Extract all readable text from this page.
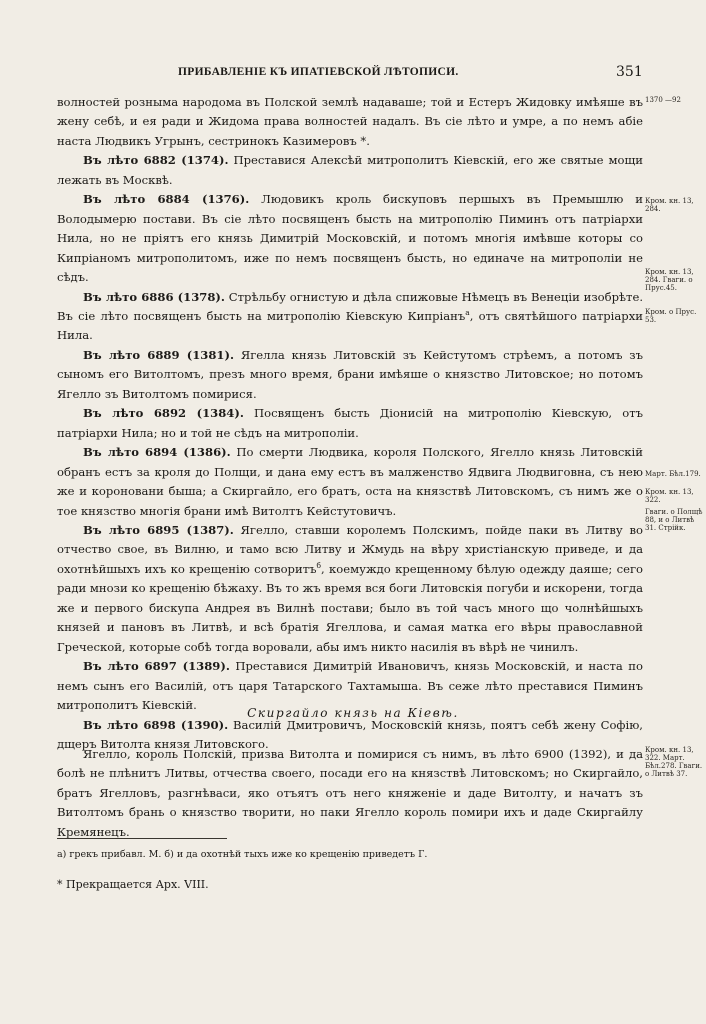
ПРИБАВЛЕНІЕ КЪ ИПАТІЕВСКОЙ ЛѢТОПИСИ.	351

волностей розныма народома въ Полской землѣ надаваше; той и Естеръ Жидовку имѣяше въ жену себѣ, и ея ради и Жидома права волностей надалъ. Въ сіе лѣто и умре, а по немъ абіе наста Людвикъ Угрынъ, сестринокъ Казимеровъ *.

Въ лѣто 6882 (1374). Преставися Алексѣй митрополитъ Кіевскій, его же святые мощи лежать въ Москвѣ.

Въ лѣто 6884 (1376). Людовикъ кроль бискуповъ першыхъ въ Премышлю и Володымерю постави. Въ сіе лѣто посвященъ бысть на митрополію Пиминъ отъ патріархи Нила, но не пріятъ его князь Димитрій Московскій, и потомъ многія имѣвше которы со Кипріаномъ митрополитомъ, иже по немъ посвященъ бысть, но единаче на митрополіи не сѣдъ.

Въ лѣто 6886 (1378). Стрѣльбу огнистую и дѣла спижовые Нѣмецъ въ Венеціи изобрѣте. Въ сіе лѣто посвященъ бысть на митрополію Кіевскую Кипріанъ$^а$, отъ святѣйшого патріархи Нила.

Въ лѣто 6889 (1381). Ягелла князь Литовскій зъ Кейстутомъ стрѣемъ, а потомъ зъ сыномъ его Витолтомъ, презъ много время, брани имѣяше о князство Литовское; но потомъ Ягелло зъ Витолтомъ помирися.

Въ лѣто 6892 (1384). Посвященъ бысть Діонисій на митрополію Кіевскую, отъ патріархи Нила; но и той не сѣдъ на митрополіи.

Въ лѣто 6894 (1386). По смерти Людвика, короля Полского, Ягелло князь Литовскій обранъ естъ за кроля до Полщи, и дана ему естъ въ малженство Ядвига Людвиговна, съ нею же и короновани быша; а Скиргайло, его братъ, оста на князствѣ Литовскомъ, съ нимъ же о тое князство многія брани имѣ Витолтъ Кейстутовичъ.

Въ лѣто 6895 (1387). Ягелло, ставши королемъ Полскимъ, пойде паки въ Литву во отчество свое, въ Вилню, и тамо всю Литву и Жмудь на вѣру христіанскую приведе, и да охотнѣйшыхъ ихъ ко крещенію сотворитъ$^б$, коемуждо крещенному бѣлую одежду даяше; сего ради мнози ко крещенію бѣжаху. Въ то жъ время вся боги Литовскія погуби и искорени, тогда же и первого бискупа Андрея въ Вилнѣ постави; было въ той часъ много що чолнѣйшыхъ князей и пановъ въ Литвѣ, и всѣ братія Ягеллова, и самая матка его вѣры православной Греческой, которые собѣ тогда воровали, абы имъ никто насилія въ вѣрѣ не чинилъ.

Въ лѣто 6897 (1389). Преставися Димитрій Ивановичъ, князь Московскій, и наста по немъ сынъ его Василій, отъ царя Татарского Тахтамыша. Въ сеже лѣто преставися Пиминъ митрополитъ Кіевскій.

Въ лѣто 6898 (1390). Василій Дмитровичъ, Московскій князь, поятъ себѣ жену Софію, дщеръ Витолта князя Литовского.

Скиргайло князь на Кіевѣ.

Ягелло, король Полскій, призва Витолта и помирися съ нимъ, въ лѣто 6900 (1392), и да болѣ не плѣнитъ Литвы, отчества своего, посади его на князствѣ Литовскомъ; но Скиргайло, братъ Ягелловъ, разгнѣваси, яко отъятъ отъ него княженіе и даде Витолту, и начатъ зъ Витолтомъ брань о князство творити, но паки Ягелло король помири ихъ и даде Скиргайлу Кремянецъ.

1370 —92
Кром. кн. 13, 284.
Кром. кн. 13, 284. Гваги. о Прус.45.
Кром. о Прус. 53.
Март. Бѣл.179.
Кром. кн. 13, 322.
Гваги. о Полщѣ 88, и о Литвѣ 31. Стрійк.
Кром. кн. 13, 322. Март. Бѣл.278. Гваги. о Литвѣ 37.
а) грекъ прибавл. М. б) и да охотнѣй тыхъ иже ко крещенію приведетъ Г.
* Прекращается Арх. VIII.
